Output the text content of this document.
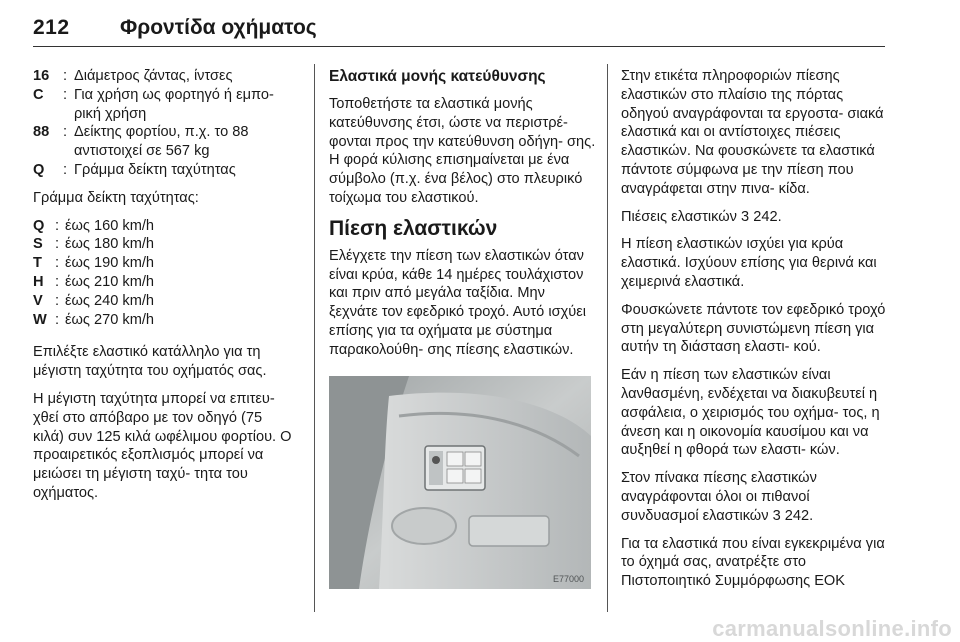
212 Φροντίδα οχήματος
16 : Διάμετρος ζάντας, ίντσες
C	: Για χρήση ως φορτηγό ή εμπο‑ ρική χρήση
88 : Δείκτης φορτίου, π.χ. το 88 αντιστοιχεί σε 567 kg
Q	: Γράμμα δείκτη ταχύτητας

Γράμμα δείκτη ταχύτητας:

Q : έως 160 km/h
S : έως 180 km/h
T : έως 190 km/h
H : έως 210 km/h
V : έως 240 km/h
W : έως 270 km/h

Επιλέξτε ελαστικό κατάλληλο για τη μέγιστη ταχύτητα του οχήματός σας.

Η μέγιστη ταχύτητα μπορεί να επιτευ‑ χθεί στο απόβαρο με τον οδηγό (75 κιλά) συν 125 κιλά ωφέλιμου φορτίου. Ο προαιρετικός εξοπλισμός μπορεί να μειώσει τη μέγιστη ταχύ‑ τητα του οχήματος.

Ελαστικά μονής κατεύθυνσης

Τοποθετήστε τα ελαστικά μονής κατεύθυνσης έτσι, ώστε να περιστρέ‑ φονται προς την κατεύθυνση οδήγη‑ σης. Η φορά κύλισης επισημαίνεται με ένα σύμβολο (π.χ. ένα βέλος) στο πλευρικό τοίχωμα του ελαστικού.

Πίεση ελαστικών

Ελέγχετε την πίεση των ελαστικών όταν είναι κρύα, κάθε 14 ημέρες τουλάχιστον και πριν από μεγάλα ταξίδια. Μην ξεχνάτε τον εφεδρικό τροχό. Αυτό ισχύει επίσης για τα οχήματα με σύστημα παρακολούθη‑ σης πίεσης ελαστικών.

E77000

Στην ετικέτα πληροφοριών πίεσης ελαστικών στο πλαίσιο της πόρτας οδηγού αναγράφονται τα εργοστα‑ σιακά ελαστικά και οι αντίστοιχες πιέσεις ελαστικών. Να φουσκώνετε τα ελαστικά πάντοτε σύμφωνα με την πίεση που αναγράφεται στην πινα‑ κίδα.

Πιέσεις ελαστικών 3 242.

Η πίεση ελαστικών ισχύει για κρύα ελαστικά. Ισχύουν επίσης για θερινά και χειμερινά ελαστικά.

Φουσκώνετε πάντοτε τον εφεδρικό τροχό στη μεγαλύτερη συνιστώμενη πίεση για αυτήν τη διάσταση ελαστι‑ κού.

Εάν η πίεση των ελαστικών είναι λανθασμένη, ενδέχεται να διακυβευτεί η ασφάλεια, ο χειρισμός του οχήμα‑ τος, η άνεση και η οικονομία καυσίμου και να αυξηθεί η φθορά των ελαστι‑ κών.

Στον πίνακα πίεσης ελαστικών αναγράφονται όλοι οι πιθανοί συνδυασμοί ελαστικών 3 242.

Για τα ελαστικά που είναι εγκεκριμένα για το όχημά σας, ανατρέξτε στο Πιστοποιητικό Συμμόρφωσης ΕΟΚ

carmanualsonline.info
